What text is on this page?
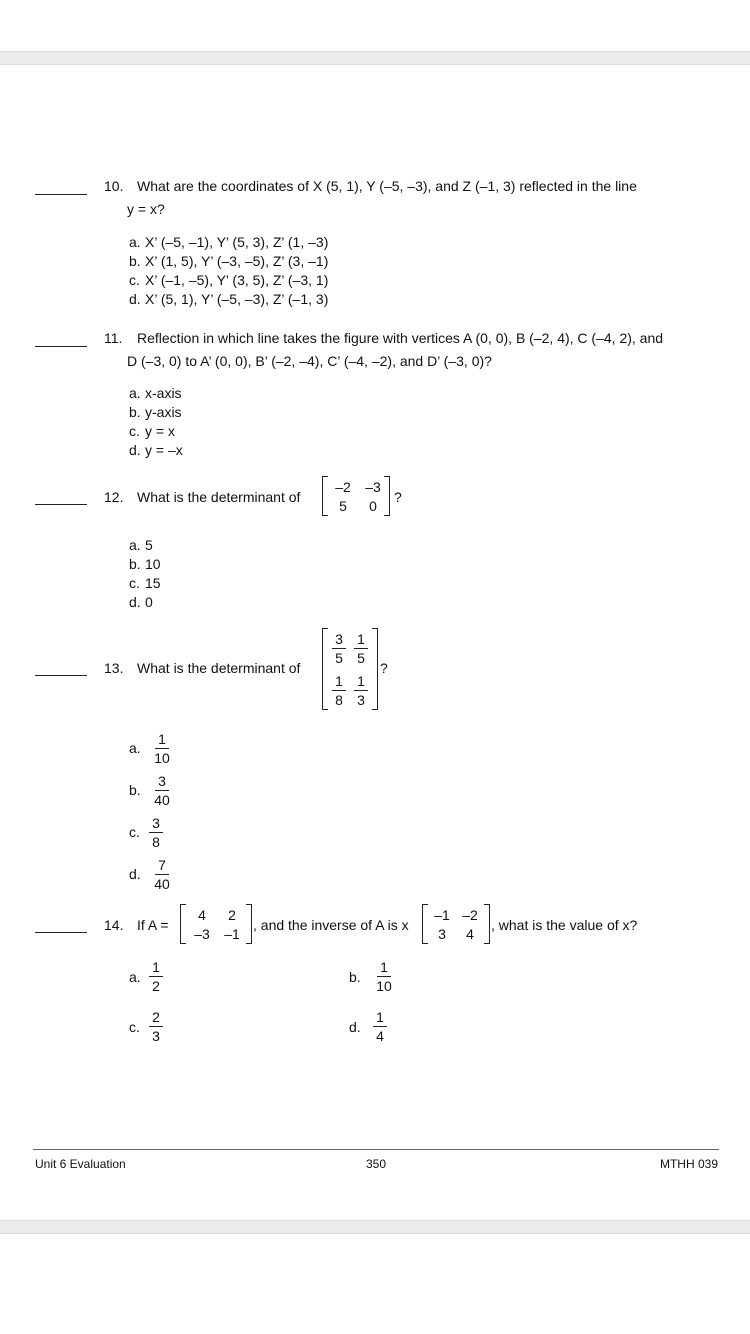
10. What are the coordinates of X (5, 1), Y (–5, –3), and Z (–1, 3) reflected in the line
y = x?
a. X’ (–5, –1), Y’ (5, 3), Z’ (1, –3)
b. X’ (1, 5), Y’ (–3, –5), Z’ (3, –1)
c. X’ (–1, –5), Y’ (3, 5), Z’ (–3, 1)
d. X’ (5, 1), Y’ (–5, –3), Z’ (–1, 3)
11. Reflection in which line takes the figure with vertices A (0, 0), B (–2, 4), C (–4, 2), and
D (–3, 0) to A’ (0, 0), B’ (–2, –4), C’ (–4, –2), and D’ (–3, 0)?
a. x-axis
b. y-axis
c. y = x
d. y = –x
12. What is the determinant of
–2	–3
5	0
?
a. 5
b. 10
c. 15
d. 0
13. What is the determinant of
$\frac{3}{5} \frac{1}{5}$
$\frac{1}{8} \frac{1}{3}$
?
a. $\frac{1}{10}$
b. $\frac{3}{40}$
c. $\frac{3}{8}$
d. $\frac{7}{40}$
14. If A =
4	2
–3	–1
, and the inverse of A is x
–1 –2
3	4
, what is the value of x?
a. $\frac{1}{2}$	b. $\frac{1}{10}$
c. $\frac{2}{3}$	d. $\frac{1}{4}$
Unit 6 Evaluation	350	MTHH 039
